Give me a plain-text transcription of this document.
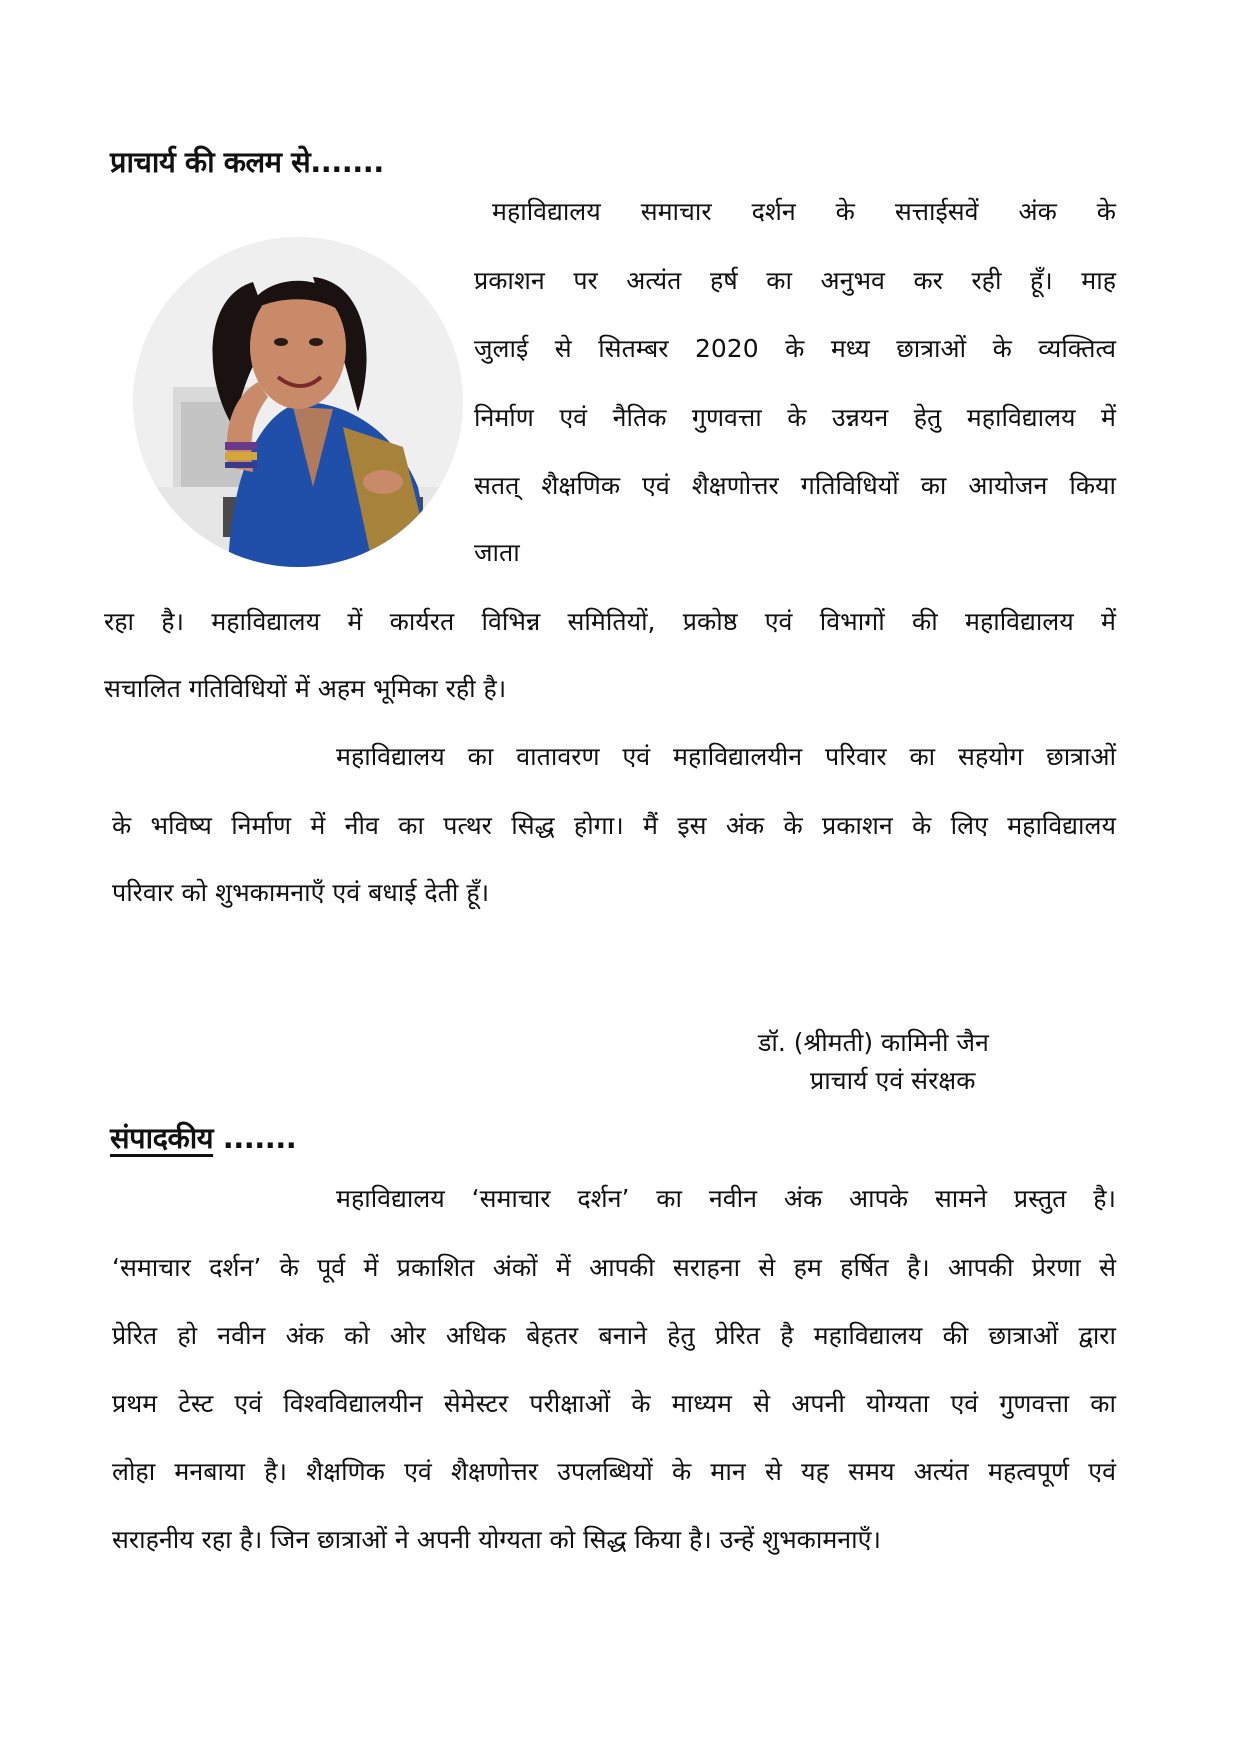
प्राचार्य की कलम से.......
महाविद्यालय समाचार दर्शन के सत्ताईसवें अंक के
प्रकाशन पर अत्यंत हर्ष का अनुभव कर रही हूँ। माह
जुलाई से सितम्बर 2020 के मध्य छात्राओं के व्यक्तित्व
निर्माण एवं नैतिक गुणवत्ता के उन्नयन हेतु महाविद्यालय में
सतत् शैक्षणिक एवं शैक्षणोत्तर गतिविधियों का आयोजन किया
जाता
रहा है। महाविद्यालय में कार्यरत विभिन्न समितियों, प्रकोष्ठ एवं विभागों की महाविद्यालय में
सचालित गतिविधियों में अहम भूमिका रही है।
महाविद्यालय का वातावरण एवं महाविद्यालयीन परिवार का सहयोग छात्राओं
के भविष्य निर्माण में नीव का पत्थर सिद्ध होगा। मैं इस अंक के प्रकाशन के लिए महाविद्यालय
परिवार को शुभकामनाएँ एवं बधाई देती हूँ।
डॉ. (श्रीमती) कामिनी जैन
प्राचार्य एवं संरक्षक
संपादकीय .......
महाविद्यालय ‘समाचार दर्शन’ का नवीन अंक आपके सामने प्रस्तुत है।
‘समाचार दर्शन’ के पूर्व में प्रकाशित अंकों में आपकी सराहना से हम हर्षित है। आपकी प्रेरणा से
प्रेरित हो नवीन अंक को ओर अधिक बेहतर बनाने हेतु प्रेरित है महाविद्यालय की छात्राओं द्वारा
प्रथम टेस्ट एवं विश्वविद्यालयीन सेमेस्टर परीक्षाओं के माध्यम से अपनी योग्यता एवं गुणवत्ता का
लोहा मनबाया है। शैक्षणिक एवं शैक्षणोत्तर उपलब्धियों के मान से यह समय अत्यंत महत्वपूर्ण एवं
सराहनीय रहा है। जिन छात्राओं ने अपनी योग्यता को सिद्ध किया है। उन्हें शुभकामनाएँ।
